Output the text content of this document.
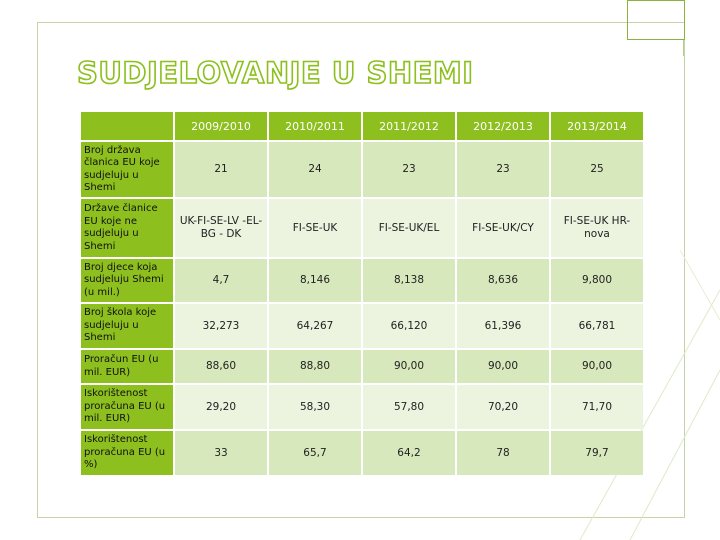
SUDJELOVANJE U SHEMI
	2009/2010	2010/2011	2011/2012	2012/2013	2013/2014
Broj država članica EU koje sudjeluju u Shemi	21	24	23	23	25
Države članice EU koje ne sudjeluju u Shemi	UK-FI-SE-LV -EL-BG - DK	FI-SE-UK	FI-SE-UK/EL	FI-SE-UK/CY	FI-SE-UK HR-nova
Broj djece koja sudjeluju Shemi (u mil.)	4,7	8,146	8,138	8,636	9,800
Broj škola koje sudjeluju u Shemi	32,273	64,267	66,120	61,396	66,781
Proračun EU (u mil. EUR)	88,60	88,80	90,00	90,00	90,00
Iskorištenost proračuna EU (u mil. EUR)	29,20	58,30	57,80	70,20	71,70
Iskorištenost proračuna EU (u %)	33	65,7	64,2	78	79,7
